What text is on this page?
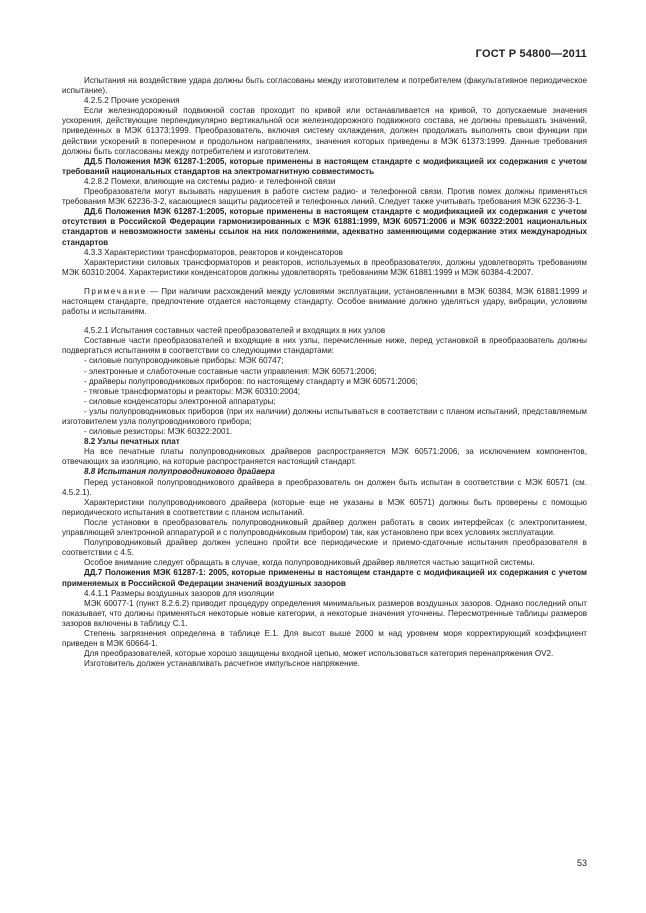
ГОСТ Р 54800—2011

Испытания на воздействие удара должны быть согласованы между изготовителем и потребителем (факультативное периодическое испытание).

4.2.5.2 Прочие ускорения

Если железнодорожный подвижной состав проходит по кривой или останавливается на кривой, то допускаемые значения ускорения, действующие перпендикулярно вертикальной оси железнодорожного подвижного состава, не должны превышать значений, приведенных в МЭК 61373:1999. Преобразователь, включая систему охлаждения, должен продолжать выполнять свои функции при действии ускорений в поперечном и продольном направлениях, значения которых приведены в МЭК 61373:1999. Данные требования должны быть согласованы между потребителем и изготовителем.

ДД.5 Положения МЭК 61287-1:2005, которые применены в настоящем стандарте с модификацией их содержания с учетом требований национальных стандартов на электромагнитную совместимость

4.2.8.2 Помехи, влияющие на системы радио- и телефонной связи

Преобразователи могут вызывать нарушения в работе систем радио- и телефонной связи. Против помех должны применяться требования МЭК 62236-3-2, касающиеся защиты радиосетей и телефонных линий. Следует также учитывать требования МЭК 62236-3-1.

ДД.6 Положения МЭК 61287-1:2005, которые применены в настоящем стандарте с модификацией их содержания с учетом отсутствия в Российской Федерации гармонизированных с МЭК 61881:1999, МЭК 60571:2006 и МЭК 60322:2001 национальных стандартов и невозможности замены ссылок на них положениями, адекватно заменяющими содержание этих международных стандартов

4.3.3 Характеристики трансформаторов, реакторов и конденсаторов

Характеристики силовых трансформаторов и реакторов, используемых в преобразователях, должны удовлетворять требованиям МЭК 60310:2004. Характеристики конденсаторов должны удовлетворять требованиям МЭК 61881:1999 и МЭК 60384-4:2007.

Примечание — При наличии расхождений между условиями эксплуатации, установленными в МЭК 60384, МЭК 61881:1999 и настоящем стандарте, предпочтение отдается настоящему стандарту. Особое внимание должно уделяться удару, вибрации, условиям работы и испытаниям.

4.5.2.1 Испытания составных частей преобразователей и входящих в них узлов

Составные части преобразователей и входящие в них узлы, перечисленные ниже, перед установкой в преобразователь должны подвергаться испытаниям в соответствии со следующими стандартами:

- силовые полупроводниковые приборы: МЭК 60747;

- электронные и слаботочные составные части управления: МЭК 60571:2006;

- драйверы полупроводниковых приборов: по настоящему стандарту и МЭК 60571:2006;

- тяговые трансформаторы и реакторы: МЭК 60310:2004;

- силовые конденсаторы электронной аппаратуры;

- узлы полупроводниковых приборов (при их наличии) должны испытываться в соответствии с планом испытаний, представляемым изготовителем узла полупроводникового прибора;

- силовые резисторы: МЭК 60322:2001.

8.2 Узлы печатных плат

На все печатные платы полупроводниковых драйверов распространяется МЭК 60571:2006, за исключением компонентов, отвечающих за изоляцию, на которые распространяется настоящий стандарт.

8.8 Испытания полупроводникового драйвера

Перед установкой полупроводникового драйвера в преобразователь он должен быть испытан в соответствии с МЭК 60571 (см. 4.5.2.1).

Характеристики полупроводникового драйвера (которые еще не указаны в МЭК 60571) должны быть проверены с помощью периодического испытания в соответствии с планом испытаний.

После установки в преобразователь полупроводниковый драйвер должен работать в своих интерфейсах (с электропитанием, управляющей электронной аппаратурой и с полупроводниковым прибором) так, как установлено при всех условиях эксплуатации.

Полупроводниковый драйвер должен успешно пройти все периодические и приемо-сдаточные испытания преобразователя в соответствии с 4.5.

Особое внимание следует обращать в случае, когда полупроводниковый драйвер является частью защитной системы.

ДД.7 Положения МЭК 61287-1: 2005, которые применены в настоящем стандарте с модификацией их содержания с учетом применяемых в Российской Федерации значений воздушных зазоров

4.4.1.1 Размеры воздушных зазоров для изоляции

МЭК 60077-1 (пункт 8.2.6.2) приводит процедуру определения минимальных размеров воздушных зазоров. Однако последний опыт показывает, что должны применяться некоторые новые категории, а некоторые значения уточнены. Пересмотренные таблицы размеров зазоров включены в таблицу С.1.

Степень загрязнения определена в таблице Е.1. Для высот выше 2000 м над уровнем моря корректирующий коэффициент приведен в МЭК 60664-1.

Для преобразователей, которые хорошо защищены входной цепью, может использоваться категория перенапряжения OV2.

Изготовитель должен устанавливать расчетное импульсное напряжение.

53
